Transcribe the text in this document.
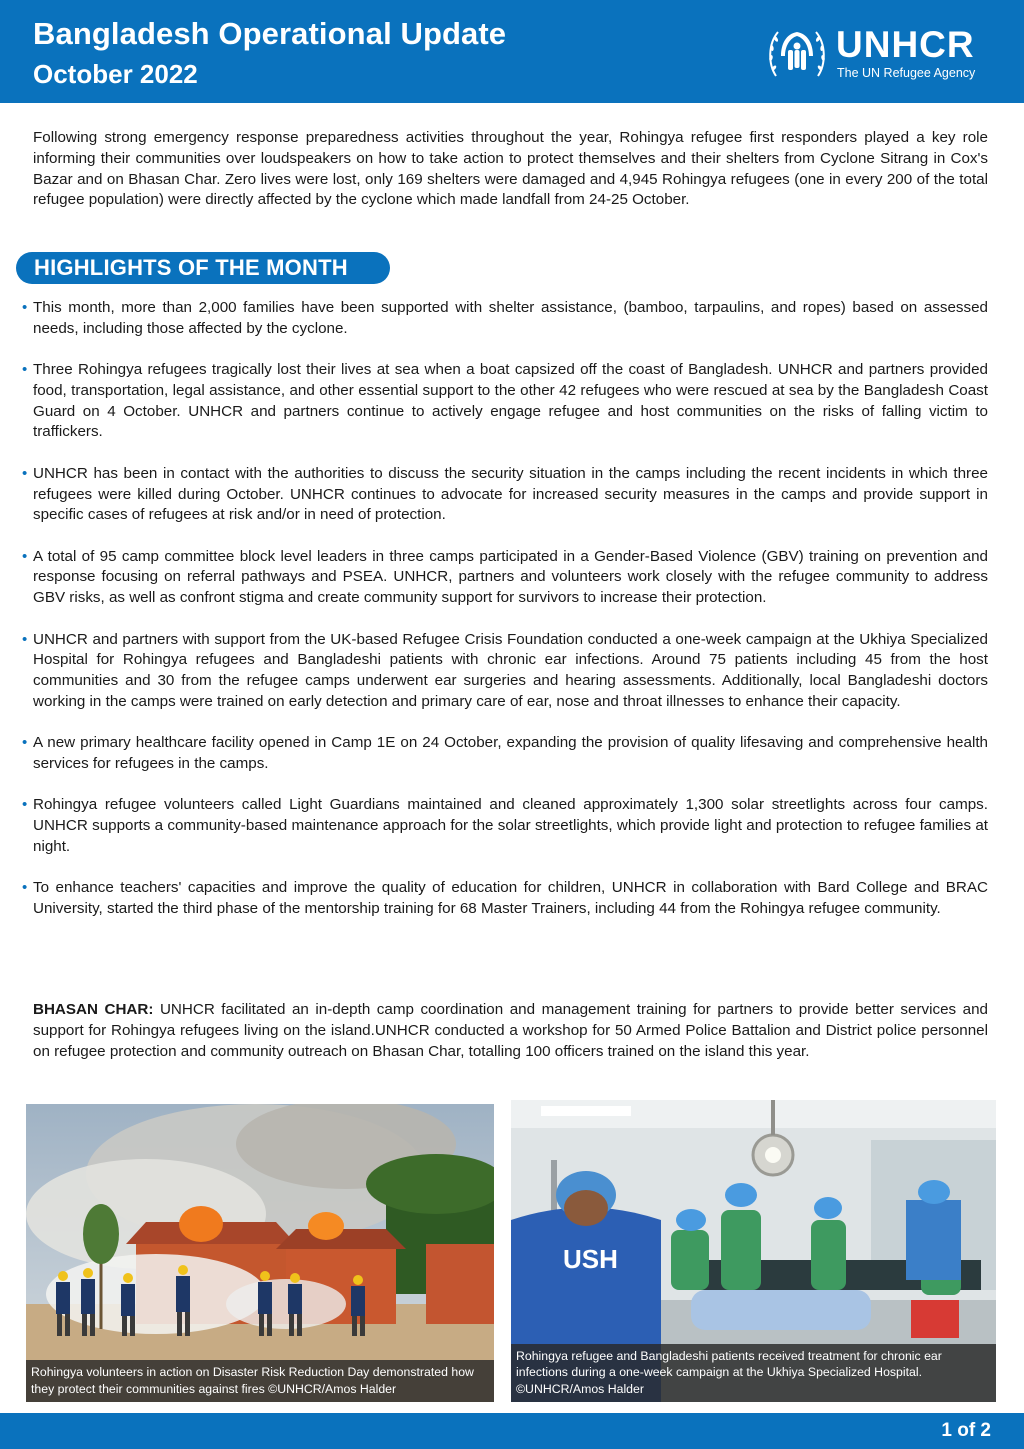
Bangladesh Operational Update
October 2022
UNHCR
The UN Refugee Agency

Following strong emergency response preparedness activities throughout the year, Rohingya refugee first responders played a key role informing their communities over loudspeakers on how to take action to protect themselves and their shelters from Cyclone Sitrang in Cox's Bazar and on Bhasan Char. Zero lives were lost, only 169 shelters were damaged and 4,945 Rohingya refugees (one in every 200 of the total refugee population) were directly affected by the cyclone which made landfall from 24-25 October.

HIGHLIGHTS OF THE MONTH
• This month, more than 2,000 families have been supported with shelter assistance, (bamboo, tarpaulins, and ropes) based on assessed needs, including those affected by the cyclone.
• Three Rohingya refugees tragically lost their lives at sea when a boat capsized off the coast of Bangladesh. UNHCR and partners provided food, transportation, legal assistance, and other essential support to the other 42 refugees who were rescued at sea by the Bangladesh Coast Guard on 4 October. UNHCR and partners continue to actively engage refugee and host communities on the risks of falling victim to traffickers.
• UNHCR has been in contact with the authorities to discuss the security situation in the camps including the recent incidents in which three refugees were killed during October. UNHCR continues to advocate for increased security measures in the camps and provide support in specific cases of refugees at risk and/or in need of protection.
• A total of 95 camp committee block level leaders in three camps participated in a Gender-Based Violence (GBV) training on prevention and response focusing on referral pathways and PSEA. UNHCR, partners and volunteers work closely with the refugee community to address GBV risks, as well as confront stigma and create community support for survivors to increase their protection.
• UNHCR and partners with support from the UK-based Refugee Crisis Foundation conducted a one-week campaign at the Ukhiya Specialized Hospital for Rohingya refugees and Bangladeshi patients with chronic ear infections. Around 75 patients including 45 from the host communities and 30 from the refugee camps underwent ear surgeries and hearing assessments. Additionally, local Bangladeshi doctors working in the camps were trained on early detection and primary care of ear, nose and throat illnesses to enhance their capacity.
• A new primary healthcare facility opened in Camp 1E on 24 October, expanding the provision of quality lifesaving and comprehensive health services for refugees in the camps.
• Rohingya refugee volunteers called Light Guardians maintained and cleaned approximately 1,300 solar streetlights across four camps. UNHCR supports a community-based maintenance approach for the solar streetlights, which provide light and protection to refugee families at night.
• To enhance teachers' capacities and improve the quality of education for children, UNHCR in collaboration with Bard College and BRAC University, started the third phase of the mentorship training for 68 Master Trainers, including 44 from the Rohingya refugee community.

BHASAN CHAR: UNHCR facilitated an in-depth camp coordination and management training for partners to provide better services and support for Rohingya refugees living on the island.UNHCR conducted a workshop for 50 Armed Police Battalion and District police personnel on refugee protection and community outreach on Bhasan Char, totalling 100 officers trained on the island this year.

Rohingya volunteers in action on Disaster Risk Reduction Day demonstrated how they protect their communities against fires ©UNHCR/Amos Halder
USH
Rohingya refugee and Bangladeshi patients received treatment for chronic ear infections during a one-week campaign at the Ukhiya Specialized Hospital. ©UNHCR/Amos Halder
1 of 2
